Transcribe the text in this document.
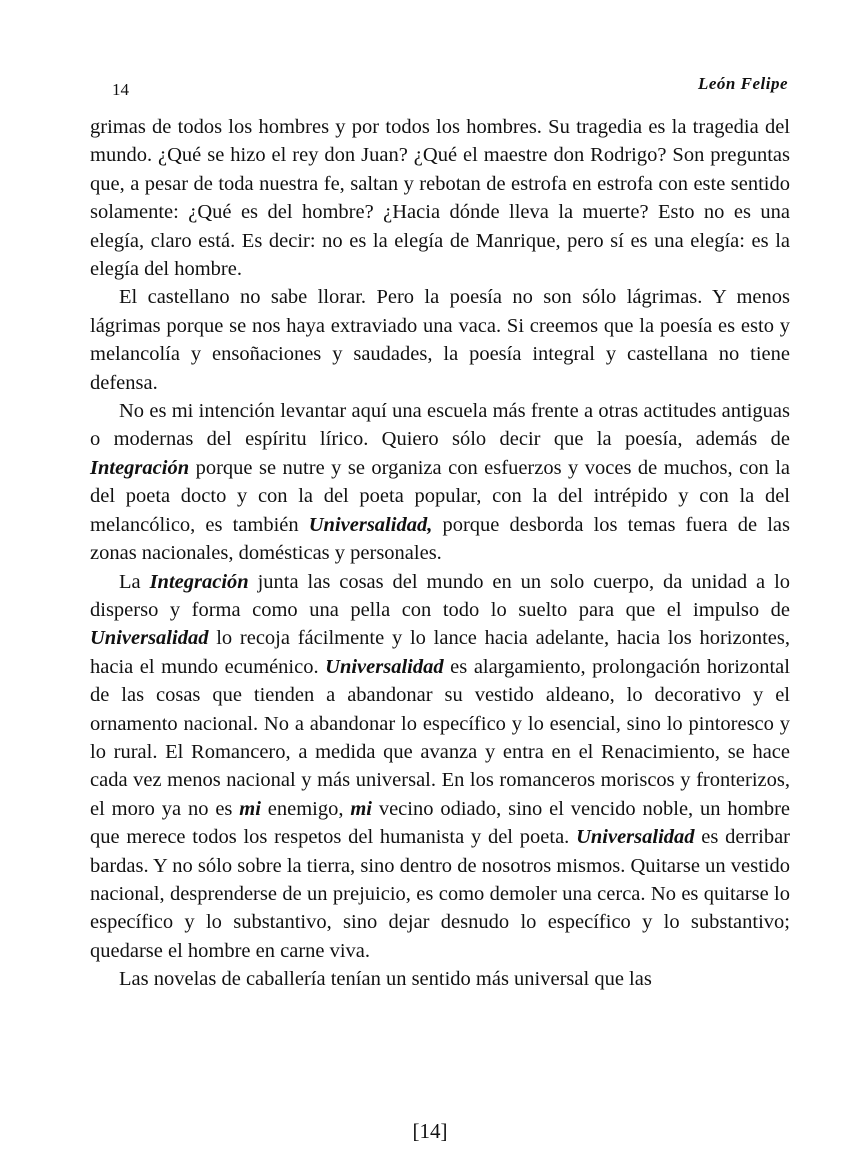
14	León Felipe

grimas de todos los hombres y por todos los hombres. Su tragedia es la tragedia del mundo. ¿Qué se hizo el rey don Juan? ¿Qué el maestre don Rodrigo? Son preguntas que, a pesar de toda nuestra fe, saltan y rebotan de estrofa en estrofa con este sentido solamente: ¿Qué es del hombre? ¿Hacia dónde lleva la muerte? Esto no es una elegía, claro está. Es decir: no es la elegía de Manrique, pero sí es una elegía: es la elegía del hombre.

El castellano no sabe llorar. Pero la poesía no son sólo lágrimas. Y menos lágrimas porque se nos haya extraviado una vaca. Si creemos que la poesía es esto y melancolía y ensoñaciones y saudades, la poesía integral y castellana no tiene defensa.

No es mi intención levantar aquí una escuela más frente a otras actitudes antiguas o modernas del espíritu lírico. Quiero sólo decir que la poesía, además de Integración porque se nutre y se organiza con esfuerzos y voces de muchos, con la del poeta docto y con la del poeta popular, con la del intrépido y con la del melancólico, es también Universalidad, porque desborda los temas fuera de las zonas nacionales, domésticas y personales.

La Integración junta las cosas del mundo en un solo cuerpo, da unidad a lo disperso y forma como una pella con todo lo suelto para que el impulso de Universalidad lo recoja fácilmente y lo lance hacia adelante, hacia los horizontes, hacia el mundo ecuménico. Universalidad es alargamiento, prolongación horizontal de las cosas que tienden a abandonar su vestido aldeano, lo decorativo y el ornamento nacional. No a abandonar lo específico y lo esencial, sino lo pintoresco y lo rural. El Romancero, a medida que avanza y entra en el Renacimiento, se hace cada vez menos nacional y más universal. En los romanceros moriscos y fronterizos, el moro ya no es mi enemigo, mi vecino odiado, sino el vencido noble, un hombre que merece todos los respetos del humanista y del poeta. Universalidad es derribar bardas. Y no sólo sobre la tierra, sino dentro de nosotros mismos. Quitarse un vestido nacional, desprenderse de un prejuicio, es como demoler una cerca. No es quitarse lo específico y lo substantivo, sino dejar desnudo lo específico y lo substantivo; quedarse el hombre en carne viva.

Las novelas de caballería tenían un sentido más universal que las

[14]
